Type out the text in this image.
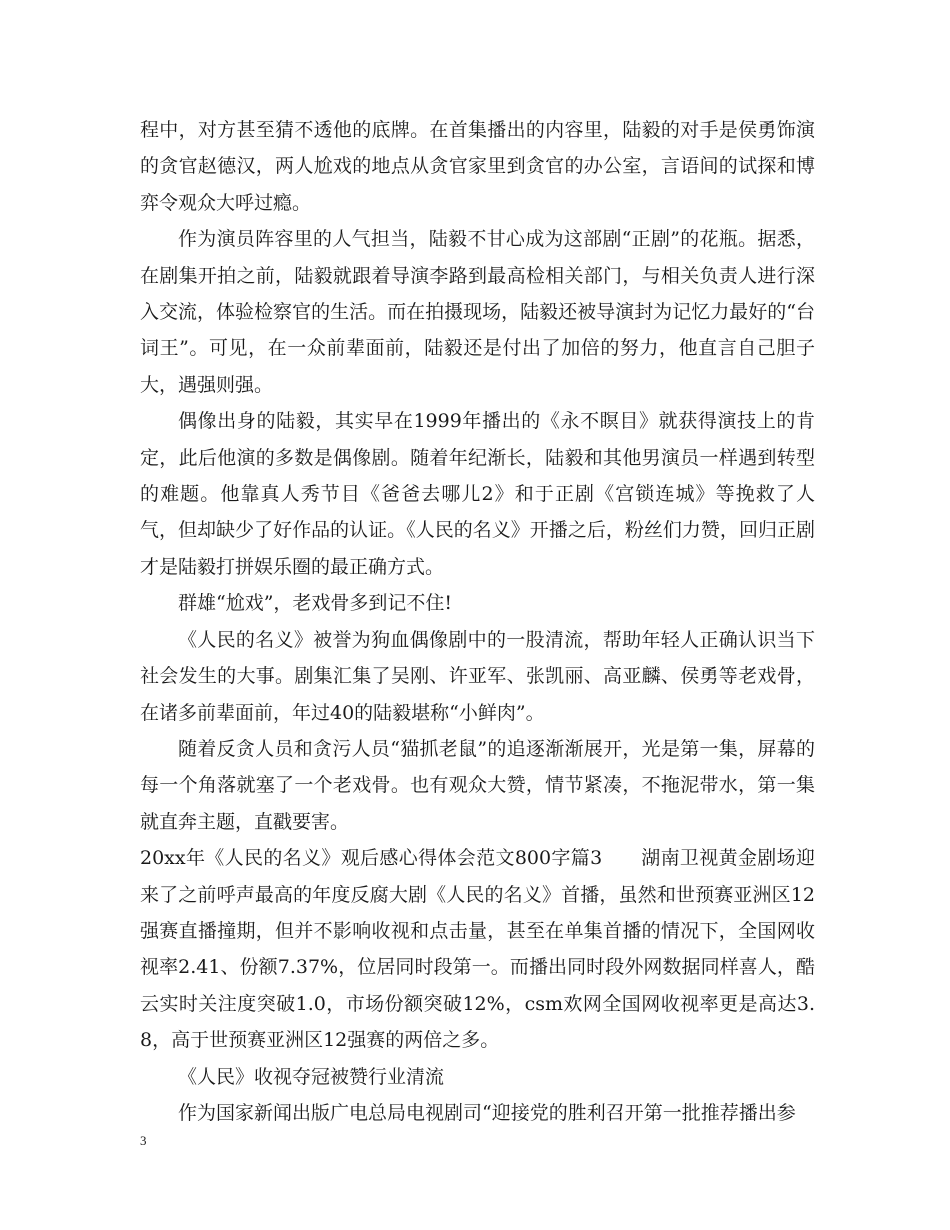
程中，对方甚至猜不透他的底牌。在首集播出的内容里，陆毅的对手是侯勇饰演的贪官赵德汉，两人尬戏的地点从贪官家里到贪官的办公室，言语间的试探和博弈令观众大呼过瘾。

作为演员阵容里的人气担当，陆毅不甘心成为这部剧“正剧”的花瓶。据悉，在剧集开拍之前，陆毅就跟着导演李路到最高检相关部门，与相关负责人进行深入交流，体验检察官的生活。而在拍摄现场，陆毅还被导演封为记忆力最好的“台词王”。可见，在一众前辈面前，陆毅还是付出了加倍的努力，他直言自己胆子大，遇强则强。

偶像出身的陆毅，其实早在1999年播出的《永不瞑目》就获得演技上的肯定，此后他演的多数是偶像剧。随着年纪渐长，陆毅和其他男演员一样遇到转型的难题。他靠真人秀节目《爸爸去哪儿2》和于正剧《宫锁连城》等挽救了人气，但却缺少了好作品的认证。《人民的名义》开播之后，粉丝们力赞，回归正剧才是陆毅打拼娱乐圈的最正确方式。

群雄“尬戏”，老戏骨多到记不住!

《人民的名义》被誉为狗血偶像剧中的一股清流，帮助年轻人正确认识当下社会发生的大事。剧集汇集了吴刚、许亚军、张凯丽、高亚麟、侯勇等老戏骨，在诸多前辈面前，年过40的陆毅堪称“小鲜肉”。

随着反贪人员和贪污人员“猫抓老鼠”的追逐渐渐展开，光是第一集，屏幕的每一个角落就塞了一个老戏骨。也有观众大赞，情节紧凑，不拖泥带水，第一集就直奔主题，直戳要害。

20xx年《人民的名义》观后感心得体会范文800字篇3　　湖南卫视黄金剧场迎来了之前呼声最高的年度反腐大剧《人民的名义》首播，虽然和世预赛亚洲区12强赛直播撞期，但并不影响收视和点击量，甚至在单集首播的情况下，全国网收视率2.41、份额7.37%，位居同时段第一。而播出同时段外网数据同样喜人，酷云实时关注度突破1.0，市场份额突破12%，csm欢网全国网收视率更是高达3.8，高于世预赛亚洲区12强赛的两倍之多。

《人民》收视夺冠被赞行业清流

作为国家新闻出版广电总局电视剧司“迎接党的胜利召开第一批推荐播出参

3
